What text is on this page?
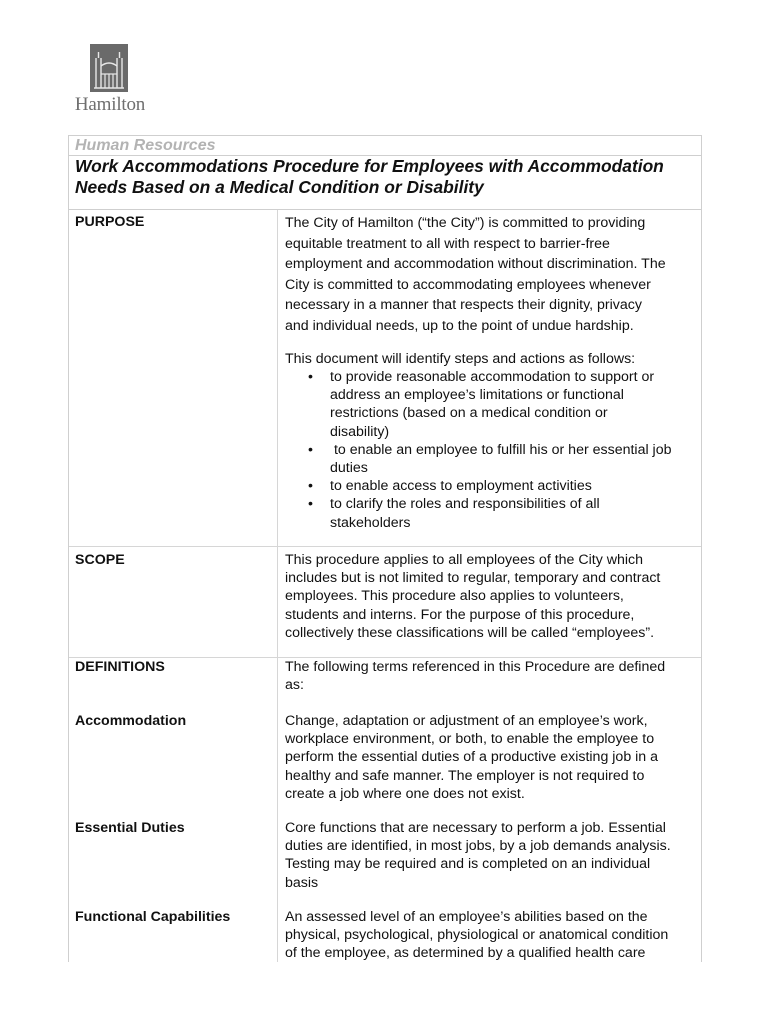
Hamilton
Human Resources
Work Accommodations Procedure for Employees with Accommodation
Needs Based on a Medical Condition or Disability
PURPOSE	The City of Hamilton (“the City”) is committed to providing
equitable treatment to all with respect to barrier-free
employment and accommodation without discrimination. The
City is committed to accommodating employees whenever
necessary in a manner that respects their dignity, privacy
and individual needs, up to the point of undue hardship.
This document will identify steps and actions as follows:
• to provide reasonable accommodation to support or
address an employee’s limitations or functional
restrictions (based on a medical condition or
disability)
• to enable an employee to fulfill his or her essential job
duties
• to enable access to employment activities
• to clarify the roles and responsibilities of all
stakeholders
SCOPE	This procedure applies to all employees of the City which
includes but is not limited to regular, temporary and contract
employees. This procedure also applies to volunteers,
students and interns. For the purpose of this procedure,
collectively these classifications will be called “employees”.
DEFINITIONS	The following terms referenced in this Procedure are defined
as:
Accommodation	Change, adaptation or adjustment of an employee’s work,
workplace environment, or both, to enable the employee to
perform the essential duties of a productive existing job in a
healthy and safe manner. The employer is not required to
create a job where one does not exist.
Essential Duties	Core functions that are necessary to perform a job. Essential
duties are identified, in most jobs, by a job demands analysis.
Testing may be required and is completed on an individual
basis
Functional Capabilities	An assessed level of an employee’s abilities based on the
physical, psychological, physiological or anatomical condition
of the employee, as determined by a qualified health care
